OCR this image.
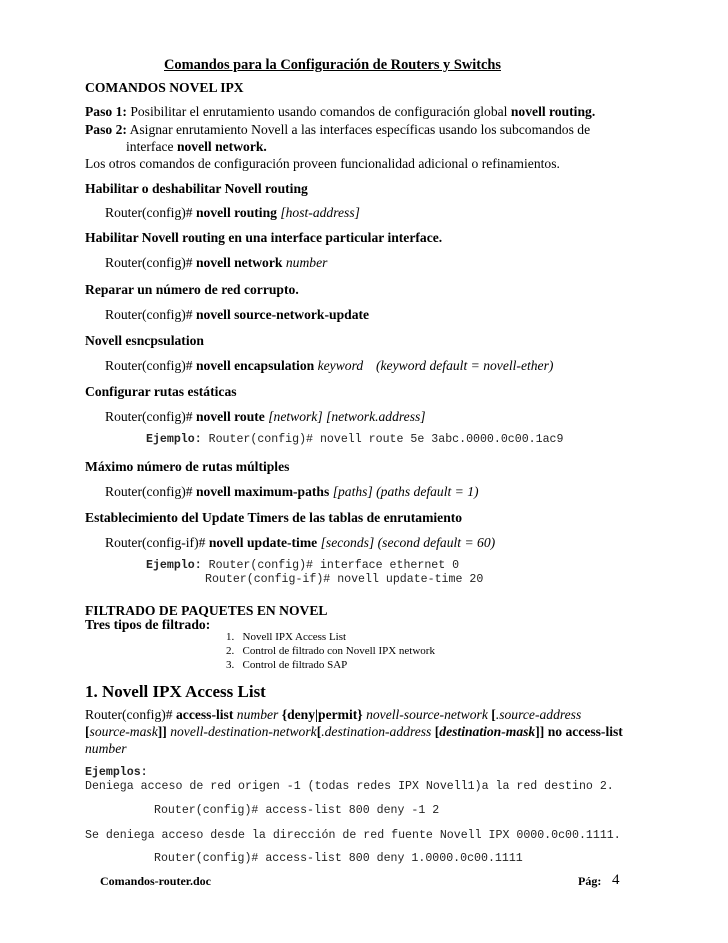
Comandos para la Configuración de Routers y Switchs
COMANDOS NOVEL IPX
Paso 1: Posibilitar el enrutamiento usando comandos de configuración global novell routing.
Paso 2: Asignar enrutamiento Novell a las interfaces específicas usando los subcomandos de
interface novell network.
Los otros comandos de configuración proveen funcionalidad adicional o refinamientos.
Habilitar o deshabilitar Novell routing
Router(config)# novell routing [host-address]
Habilitar Novell routing en una interface particular interface.
Router(config)# novell network number
Reparar un número de red corrupto.
Router(config)# novell source-network-update
Novell esncpsulation
Router(config)# novell encapsulation keyword (keyword default = novell-ether)
Configurar rutas estáticas
Router(config)# novell route [network] [network.address]
Ejemplo: Router(config)# novell route 5e 3abc.0000.0c00.1ac9
Máximo número de rutas múltiples
Router(config)# novell maximum-paths [paths] (paths default = 1)
Establecimiento del Update Timers de las tablas de enrutamiento
Router(config-if)# novell update-time [seconds] (second default = 60)
Ejemplo: Router(config)# interface ethernet 0
Router(config-if)# novell update-time 20
FILTRADO DE PAQUETES EN NOVEL
Tres tipos de filtrado:
1. Novell IPX Access List
2. Control de filtrado con Novell IPX network
3. Control de filtrado SAP
1. Novell IPX Access List
Router(config)# access-list number {deny|permit} novell-source-network [.source-address
[source-mask]] novell-destination-network[.destination-address [destination-mask]] no access-list
number
Ejemplos:
Deniega acceso de red origen -1 (todas redes IPX Novell1)a la red destino 2.
Router(config)# access-list 800 deny -1 2
Se deniega acceso desde la dirección de red fuente Novell IPX 0000.0c00.1111.
Router(config)# access-list 800 deny 1.0000.0c00.1111
Comandos-router.doc	Pág: 4
